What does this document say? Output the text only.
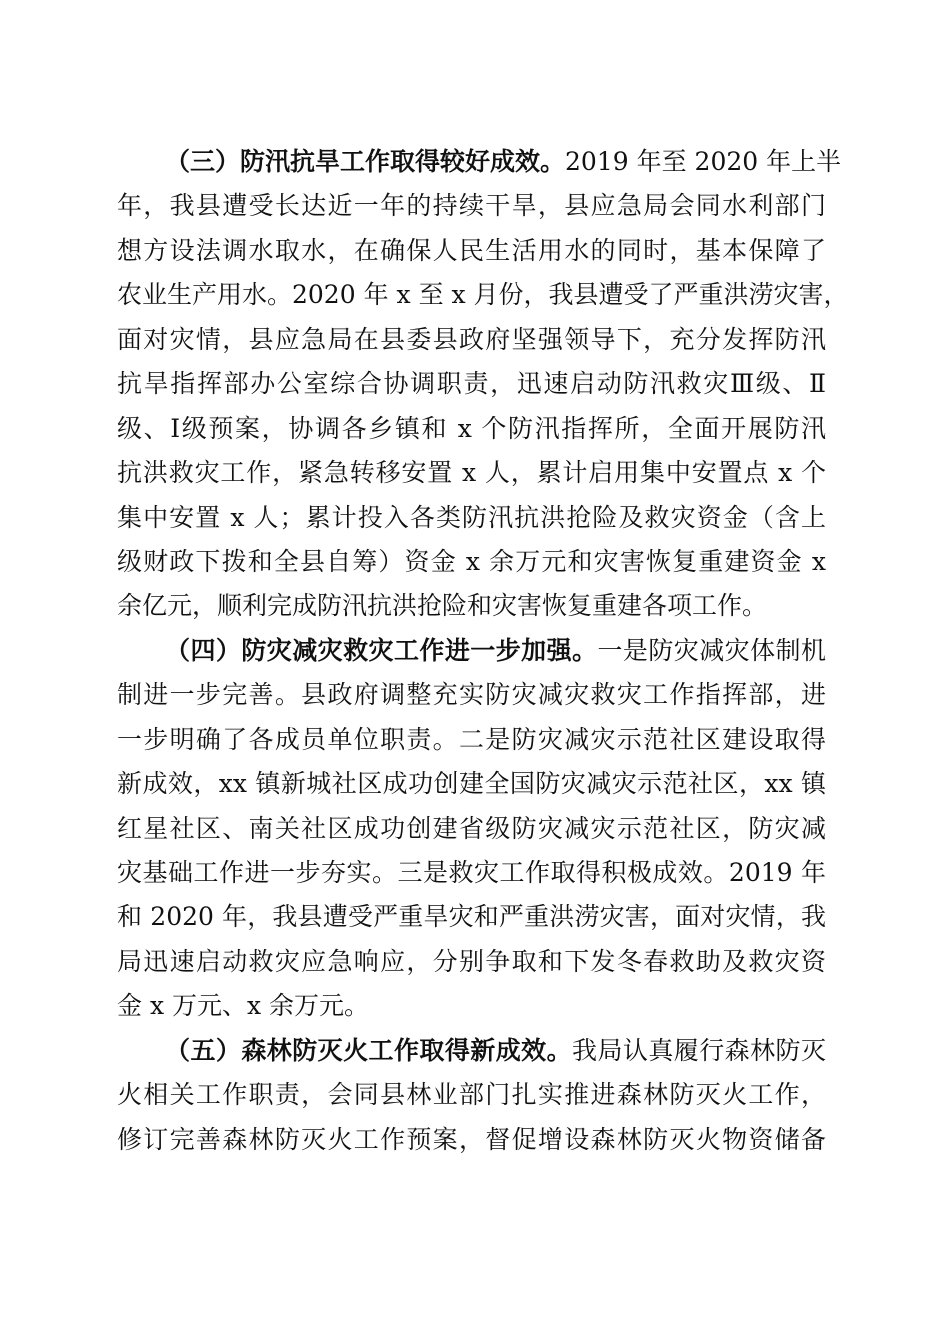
（三）防汛抗旱工作取得较好成效。2019 年至 2020 年上半
年，我县遭受长达近一年的持续干旱，县应急局会同水利部门
想方设法调水取水，在确保人民生活用水的同时，基本保障了
农业生产用水。2020 年 x 至 x 月份，我县遭受了严重洪涝灾害，
面对灾情，县应急局在县委县政府坚强领导下，充分发挥防汛
抗旱指挥部办公室综合协调职责，迅速启动防汛救灾Ⅲ级、Ⅱ
级、Ⅰ级预案，协调各乡镇和 x 个防汛指挥所，全面开展防汛
抗洪救灾工作，紧急转移安置 x 人，累计启用集中安置点 x 个
集中安置 x 人；累计投入各类防汛抗洪抢险及救灾资金（含上
级财政下拨和全县自筹）资金 x 余万元和灾害恢复重建资金 x
余亿元，顺利完成防汛抗洪抢险和灾害恢复重建各项工作。
（四）防灾减灾救灾工作进一步加强。一是防灾减灾体制机
制进一步完善。县政府调整充实防灾减灾救灾工作指挥部，进
一步明确了各成员单位职责。二是防灾减灾示范社区建设取得
新成效，xx 镇新城社区成功创建全国防灾减灾示范社区，xx 镇
红星社区、南关社区成功创建省级防灾减灾示范社区，防灾减
灾基础工作进一步夯实。三是救灾工作取得积极成效。2019 年
和 2020 年，我县遭受严重旱灾和严重洪涝灾害，面对灾情，我
局迅速启动救灾应急响应，分别争取和下发冬春救助及救灾资
金 x 万元、x 余万元。
（五）森林防灭火工作取得新成效。我局认真履行森林防灭
火相关工作职责，会同县林业部门扎实推进森林防灭火工作，
修订完善森林防灭火工作预案，督促增设森林防灭火物资储备
